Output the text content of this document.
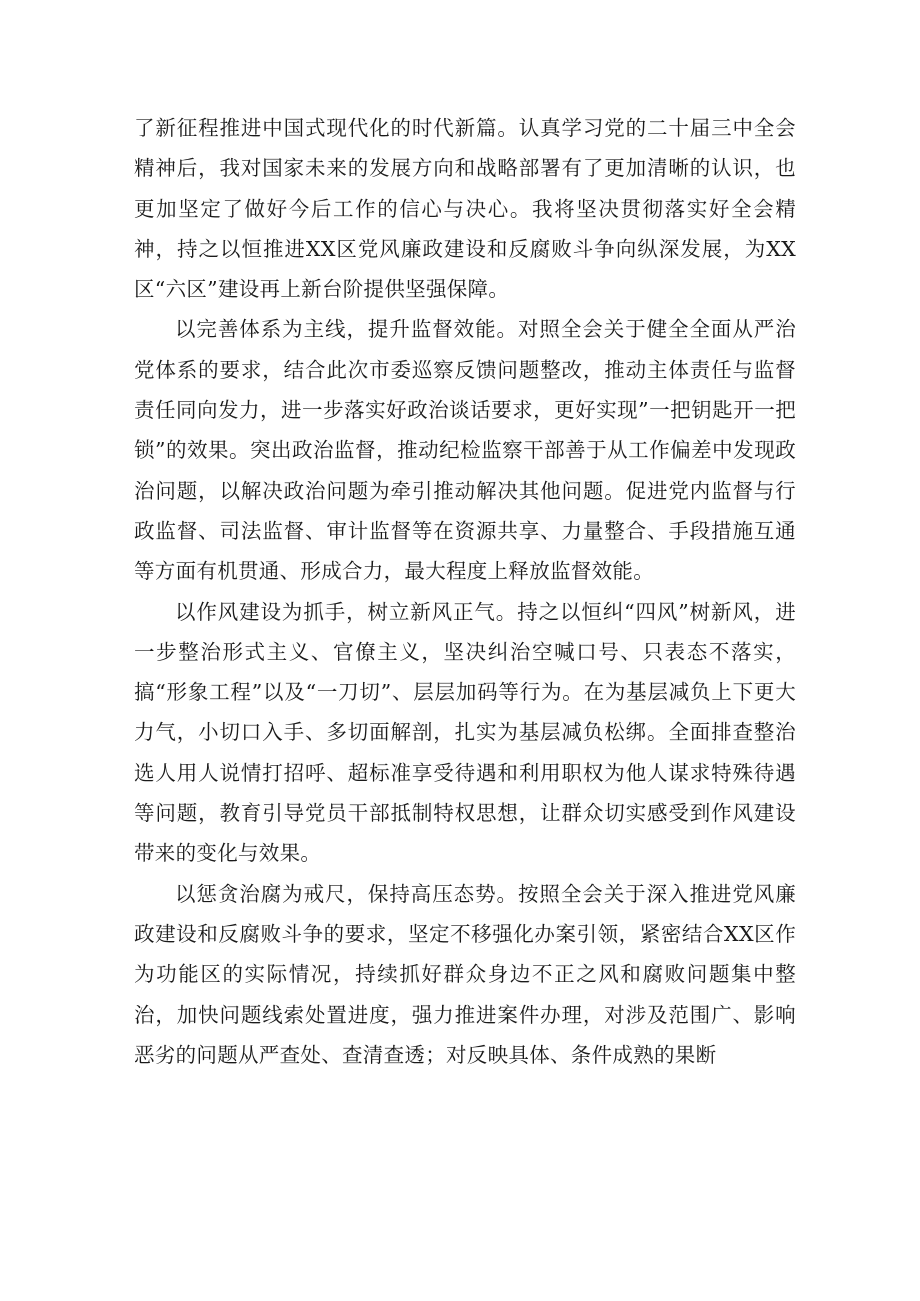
了新征程推进中国式现代化的时代新篇。认真学习党的二十届三中全会精神后，我对国家未来的发展方向和战略部署有了更加清晰的认识，也更加坚定了做好今后工作的信心与决心。我将坚决贯彻落实好全会精神，持之以恒推进XX区党风廉政建设和反腐败斗争向纵深发展，为XX区“六区”建设再上新台阶提供坚强保障。

以完善体系为主线，提升监督效能。对照全会关于健全全面从严治党体系的要求，结合此次市委巡察反馈问题整改，推动主体责任与监督责任同向发力，进一步落实好政治谈话要求，更好实现”一把钥匙开一把锁”的效果。突出政治监督，推动纪检监察干部善于从工作偏差中发现政治问题，以解决政治问题为牵引推动解决其他问题。促进党内监督与行政监督、司法监督、审计监督等在资源共享、力量整合、手段措施互通等方面有机贯通、形成合力，最大程度上释放监督效能。

以作风建设为抓手，树立新风正气。持之以恒纠“四风”树新风，进一步整治形式主义、官僚主义，坚决纠治空喊口号、只表态不落实，搞“形象工程”以及“一刀切”、层层加码等行为。在为基层减负上下更大力气，小切口入手、多切面解剖，扎实为基层减负松绑。全面排查整治选人用人说情打招呼、超标准享受待遇和利用职权为他人谋求特殊待遇等问题，教育引导党员干部抵制特权思想，让群众切实感受到作风建设带来的变化与效果。

以惩贪治腐为戒尺，保持高压态势。按照全会关于深入推进党风廉政建设和反腐败斗争的要求，坚定不移强化办案引领，紧密结合XX区作为功能区的实际情况，持续抓好群众身边不正之风和腐败问题集中整治，加快问题线索处置进度，强力推进案件办理，对涉及范围广、影响恶劣的问题从严查处、查清查透；对反映具体、条件成熟的果断
